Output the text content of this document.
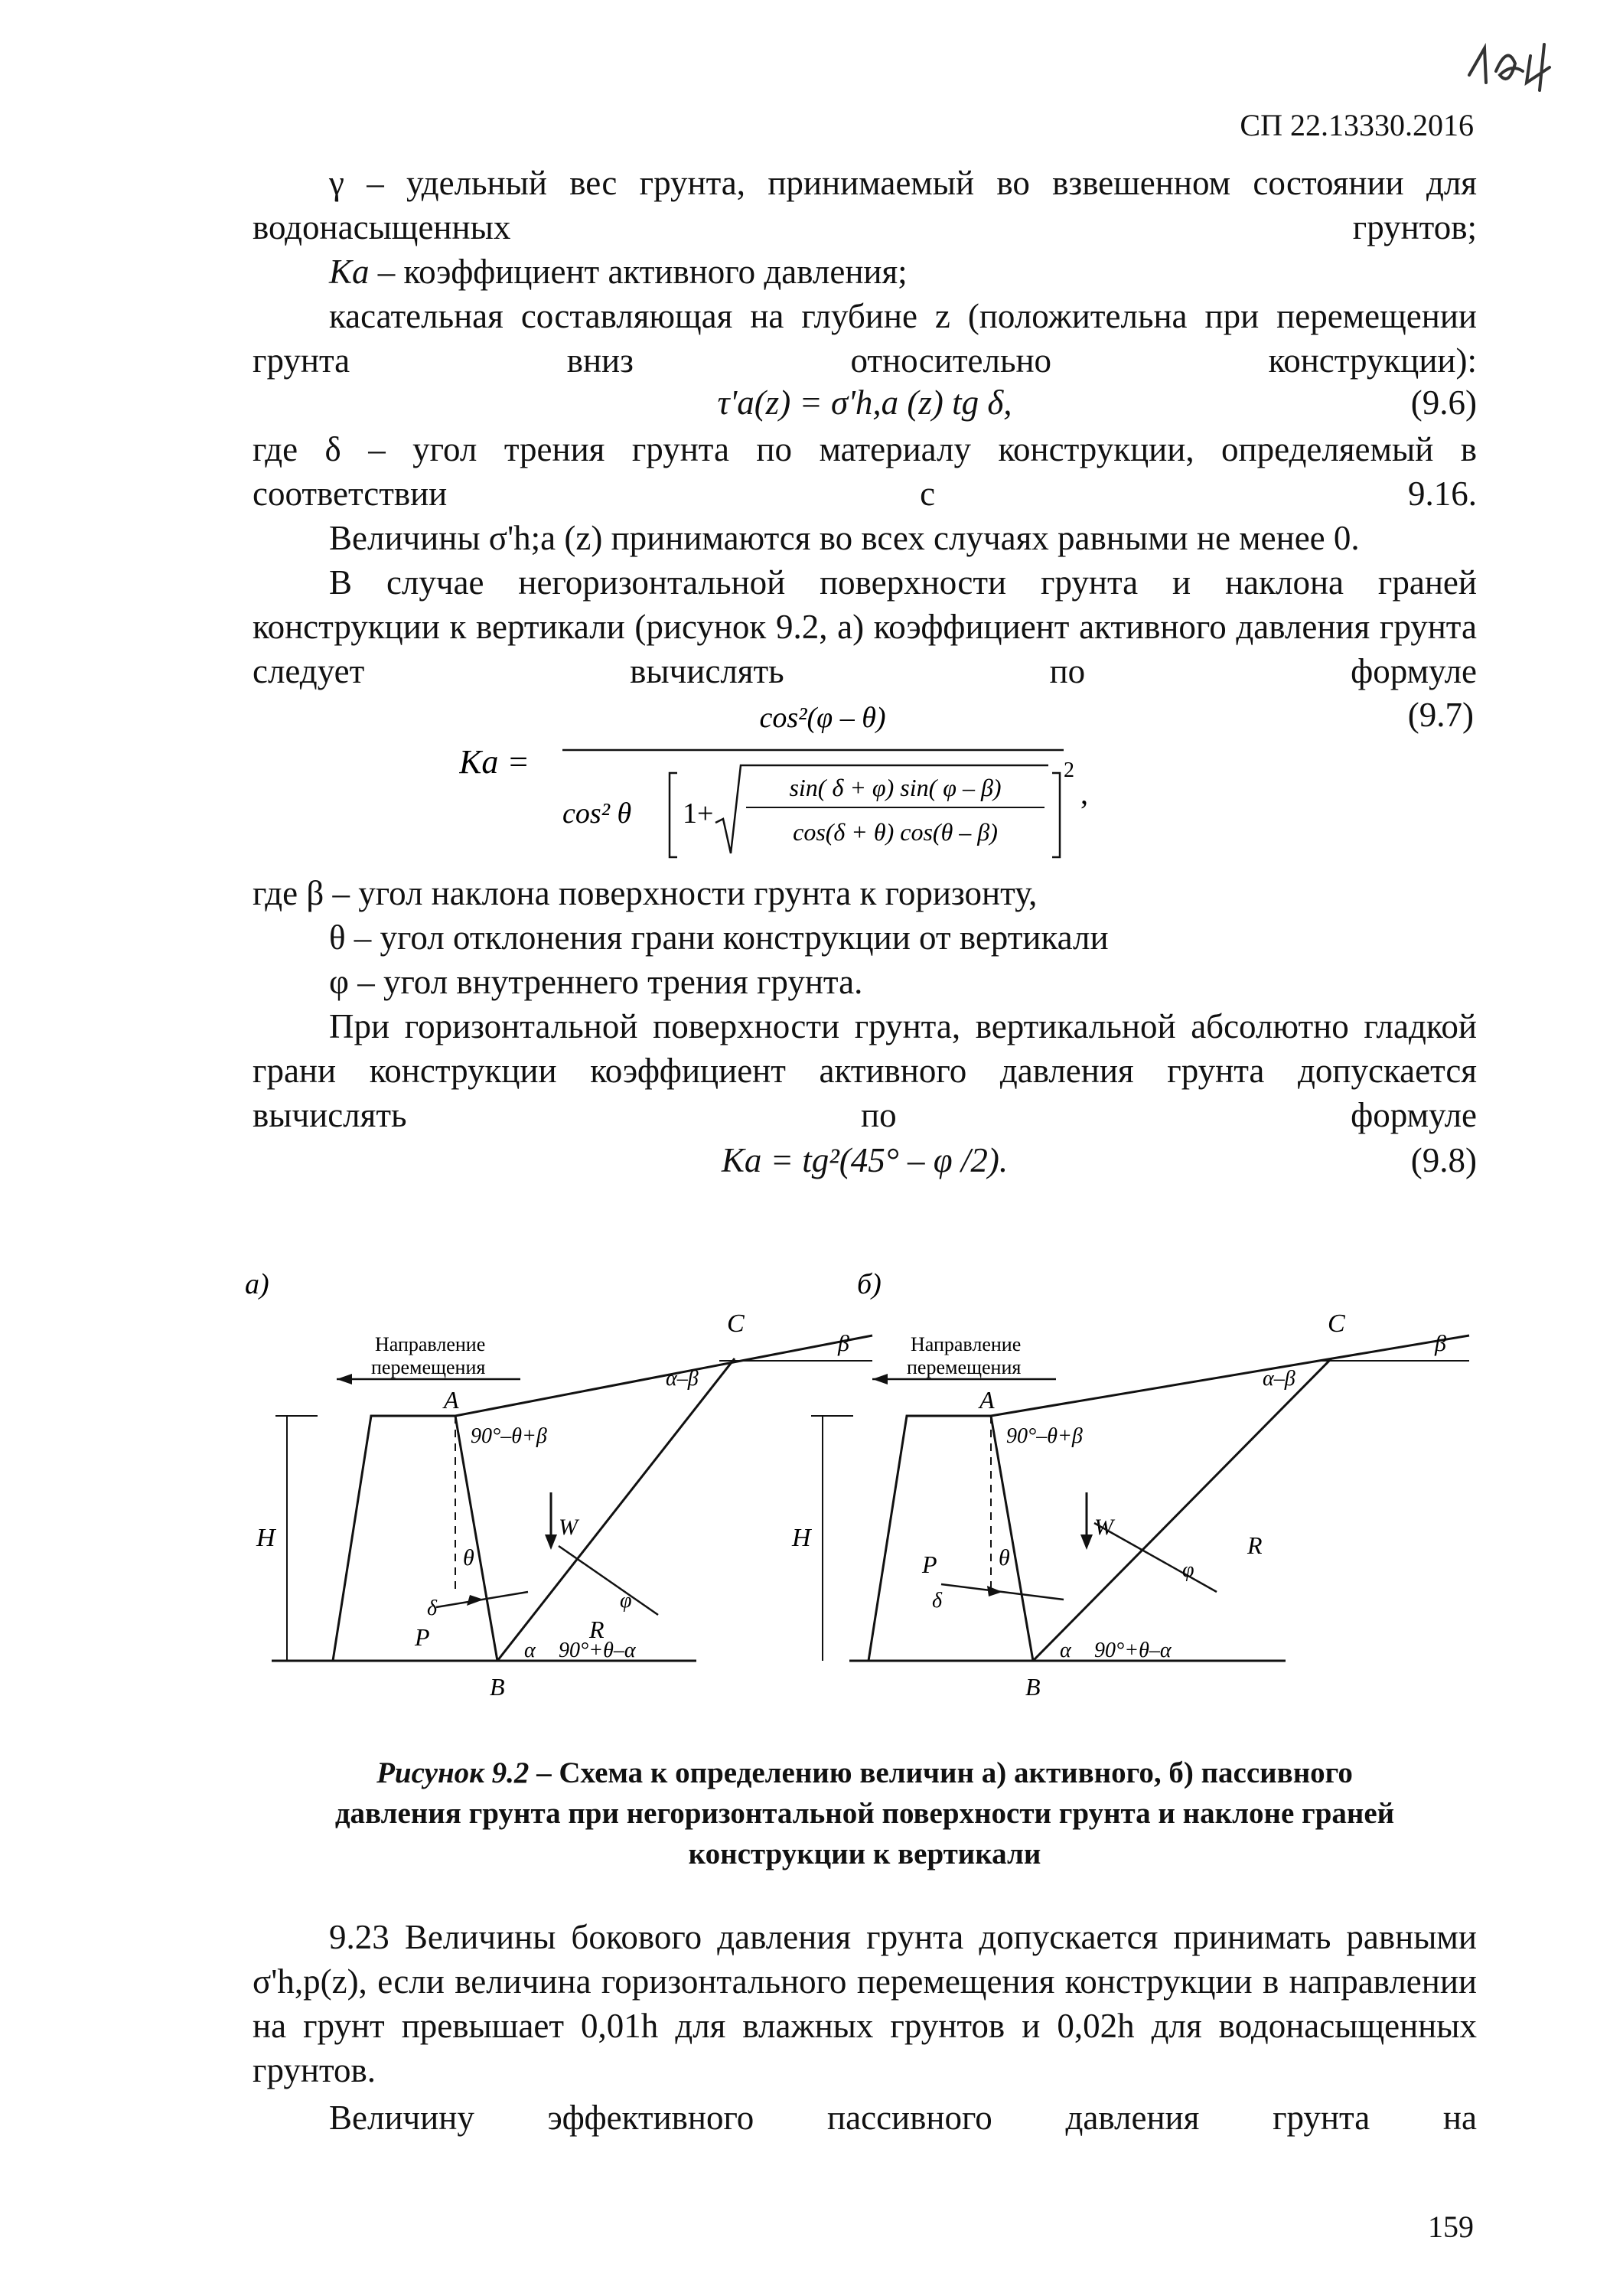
СП 22.13330.2016
γ – удельный вес грунта, принимаемый во взвешенном состоянии для водонасыщенных грунтов;
Ka – коэффициент активного давления;
касательная составляющая на глубине z (положительна при перемещении грунта вниз относительно конструкции):
τ'a(z) = σ'h,a (z) tg δ,	(9.6)
где δ – угол трения грунта по материалу конструкции, определяемый в соответствии с 9.16.
Величины σ'h;a (z) принимаются во всех случаях равными не менее 0.
В случае негоризонтальной поверхности грунта и наклона граней конструкции к вертикали (рисунок 9.2, а) коэффициент активного давления грунта следует вычислять по формуле
Ka =
cos²(φ – θ)
cos² θ 1+
sin( δ + φ) sin( φ – β)
cos(δ + θ) cos(θ – β)
2
,
(9.7)
где β – угол наклона поверхности грунта к горизонту,
θ – угол отклонения грани конструкции от вертикали
φ – угол внутреннего трения грунта.
При горизонтальной поверхности грунта, вертикальной абсолютно гладкой грани конструкции коэффициент активного давления грунта допускается вычислять по формуле
Ka = tg²(45° – φ /2).	(9.8)
а)
Направление
перемещения
H
A
B
C
90°–θ+β
α–β
β
W
θ
δ
P	R
φ
α 90°+θ–α
б)
Направление
перемещения
H
A
B
C
90°–θ+β
α–β
β
W
θ
P
δ
R
φ
α 90°+θ–α
Рисунок 9.2 – Схема к определению величин а) активного, б) пассивного
давления грунта при негоризонтальной поверхности грунта и наклоне граней
конструкции к вертикали
9.23 Величины бокового давления грунта допускается принимать равными σ'h,p(z), если величина горизонтального перемещения конструкции в направлении на грунт превышает 0,01h для влажных грунтов и 0,02h для водонасыщенных грунтов.
Величину эффективного пассивного давления грунта на
159
